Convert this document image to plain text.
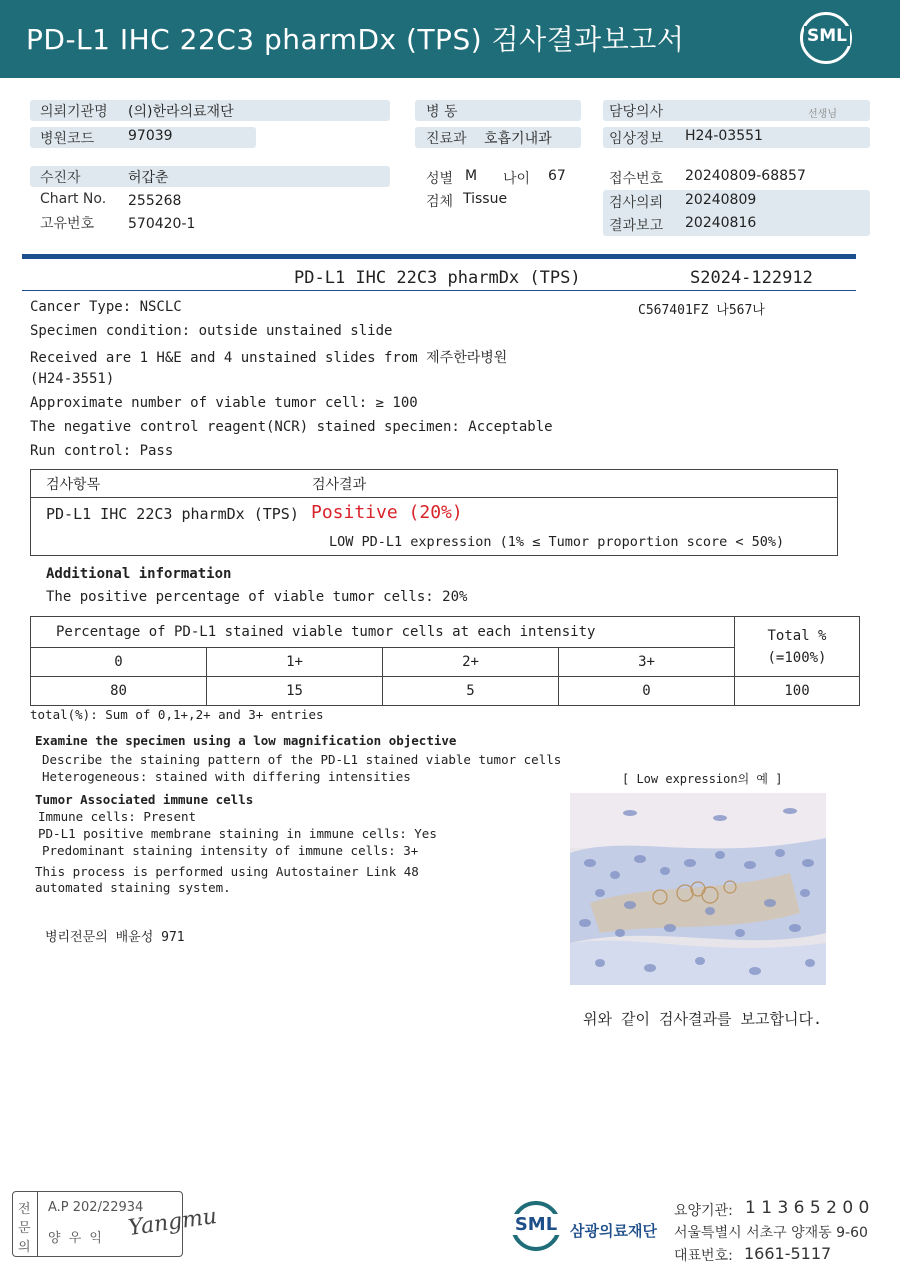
PD-L1 IHC 22C3 pharmDx (TPS) 검사결과보고서	SML
의뢰기관명 (의)한라의료재단
병원코드 97039
병 동
진료과 호흡기내과
담당의사	선생님
임상정보 H24-03551
수진자	허갑춘
Chart No. 255268
고유번호 570420-1
성별 M 나이 67
검체 Tissue
접수번호 20240809-68857
검사의뢰 20240809
결과보고 20240816
PD-L1 IHC 22C3 pharmDx (TPS)	S2024-122912
C567401FZ 나567나
Cancer Type: NSCLC
Specimen condition: outside unstained slide
Received are 1 H&E and 4 unstained slides from 제주한라병원
(H24-3551)
Approximate number of viable tumor cell: ≥ 100
The negative control reagent(NCR) stained specimen: Acceptable
Run control: Pass
검사항목	검사결과
PD-L1 IHC 22C3 pharmDx (TPS) Positive (20%)
LOW PD-L1 expression (1% ≤ Tumor proportion score < 50%)
Additional information
The positive percentage of viable tumor cells: 20%
Percentage of PD-L1 stained viable tumor cells at each intensity				Total %
(=100%)
0	1+	2+	3+	
80	15	5	0	100
total(%): Sum of 0,1+,2+ and 3+ entries
Examine the specimen using a low magnification objective
Describe the staining pattern of the PD-L1 stained viable tumor cells
Heterogeneous: stained with differing intensities	[ Low expression의 예 ]
Tumor Associated immune cells
Immune cells: Present
PD-L1 positive membrane staining in immune cells: Yes
Predominant staining intensity of immune cells: 3+
This process is performed using Autostainer Link 48
automated staining system.
병리전문의 배윤성 971
위와 같이 검사결과를 보고합니다.
전
문
의
A.P 202/22934
양 우 익 Yangmu	SML 삼광의료재단
요양기관: 1 1 3 6 5 2 0 0
서울특별시 서초구 양재동 9-60
대표번호: 1661-5117
